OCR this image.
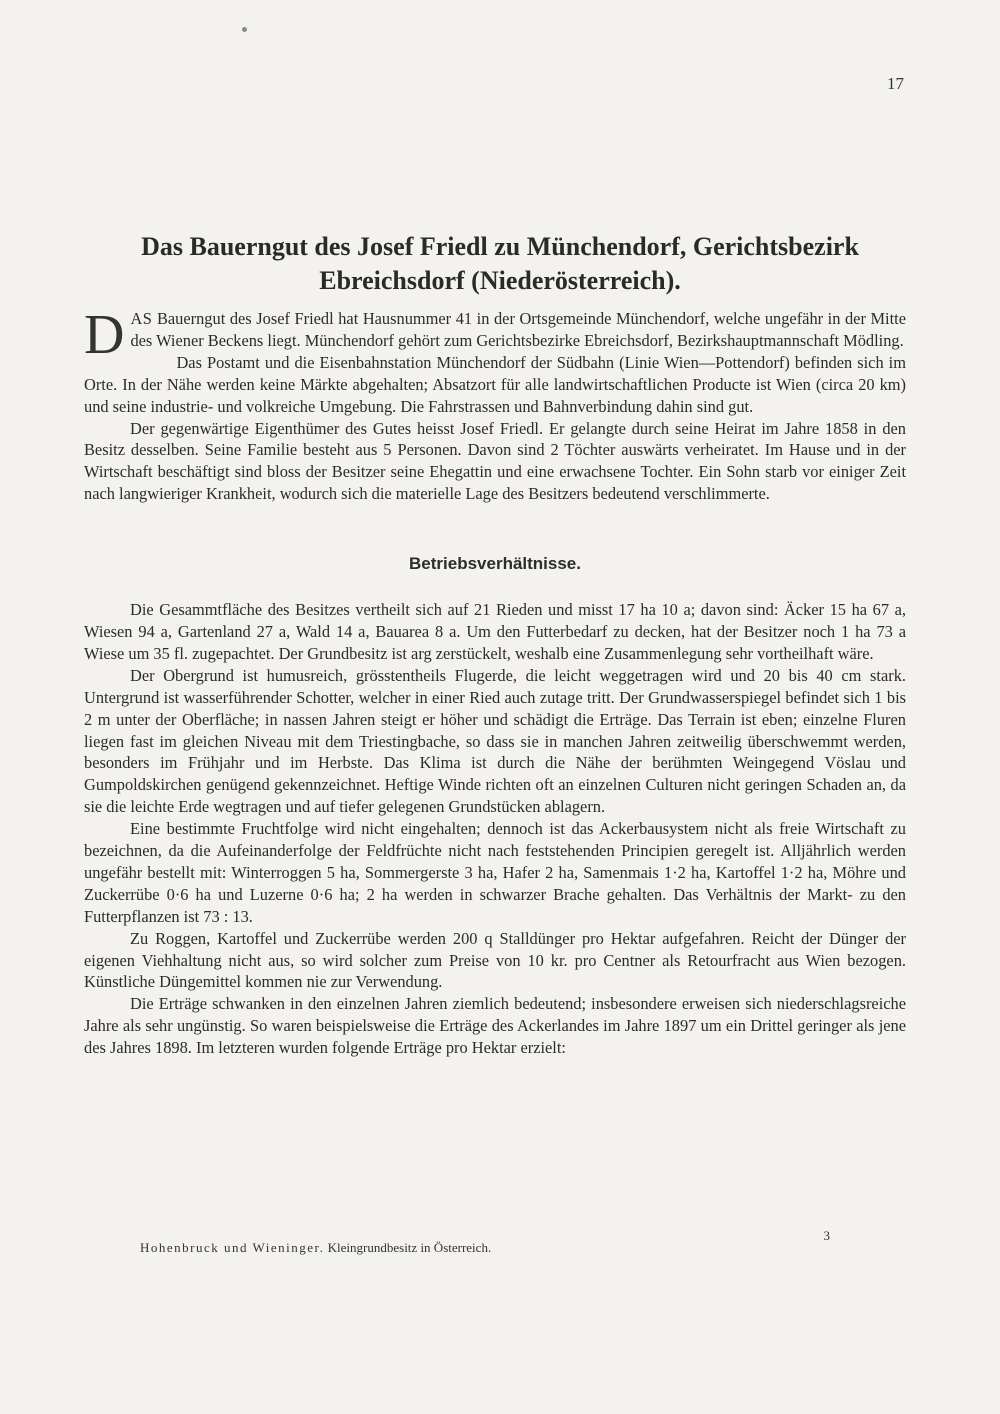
17
Das Bauerngut des Josef Friedl zu Münchendorf, Gerichtsbezirk Ebreichsdorf (Niederösterreich).

DAS Bauerngut des Josef Friedl hat Hausnummer 41 in der Ortsgemeinde Münchendorf, welche ungefähr in der Mitte des Wiener Beckens liegt. Münchendorf gehört zum Gerichtsbezirke Ebreichsdorf, Bezirkshauptmannschaft Mödling.

Das Postamt und die Eisenbahnstation Münchendorf der Südbahn (Linie Wien—Pottendorf) befinden sich im Orte. In der Nähe werden keine Märkte abgehalten; Absatzort für alle landwirtschaftlichen Producte ist Wien (circa 20 km) und seine industrie- und volkreiche Umgebung. Die Fahrstrassen und Bahnverbindung dahin sind gut.

Der gegenwärtige Eigenthümer des Gutes heisst Josef Friedl. Er gelangte durch seine Heirat im Jahre 1858 in den Besitz desselben. Seine Familie besteht aus 5 Personen. Davon sind 2 Töchter auswärts verheiratet. Im Hause und in der Wirtschaft beschäftigt sind bloss der Besitzer seine Ehegattin und eine erwachsene Tochter. Ein Sohn starb vor einiger Zeit nach langwieriger Krankheit, wodurch sich die materielle Lage des Besitzers bedeutend verschlimmerte.

Betriebsverhältnisse.

Die Gesammtfläche des Besitzes vertheilt sich auf 21 Rieden und misst 17 ha 10 a; davon sind: Äcker 15 ha 67 a, Wiesen 94 a, Gartenland 27 a, Wald 14 a, Bauarea 8 a. Um den Futterbedarf zu decken, hat der Besitzer noch 1 ha 73 a Wiese um 35 fl. zugepachtet. Der Grundbesitz ist arg zerstückelt, weshalb eine Zusammenlegung sehr vortheilhaft wäre.

Der Obergrund ist humusreich, grösstentheils Flugerde, die leicht weggetragen wird und 20 bis 40 cm stark. Untergrund ist wasserführender Schotter, welcher in einer Ried auch zutage tritt. Der Grundwasserspiegel befindet sich 1 bis 2 m unter der Oberfläche; in nassen Jahren steigt er höher und schädigt die Erträge. Das Terrain ist eben; einzelne Fluren liegen fast im gleichen Niveau mit dem Triestingbache, so dass sie in manchen Jahren zeitweilig überschwemmt werden, besonders im Frühjahr und im Herbste. Das Klima ist durch die Nähe der berühmten Weingegend Vöslau und Gumpoldskirchen genügend gekennzeichnet. Heftige Winde richten oft an einzelnen Culturen nicht geringen Schaden an, da sie die leichte Erde wegtragen und auf tiefer gelegenen Grundstücken ablagern.

Eine bestimmte Fruchtfolge wird nicht eingehalten; dennoch ist das Ackerbausystem nicht als freie Wirtschaft zu bezeichnen, da die Aufeinanderfolge der Feldfrüchte nicht nach feststehenden Principien geregelt ist. Alljährlich werden ungefähr bestellt mit: Winterroggen 5 ha, Sommergerste 3 ha, Hafer 2 ha, Samenmais 1·2 ha, Kartoffel 1·2 ha, Möhre und Zuckerrübe 0·6 ha und Luzerne 0·6 ha; 2 ha werden in schwarzer Brache gehalten. Das Verhältnis der Markt- zu den Futterpflanzen ist 73 : 13.

Zu Roggen, Kartoffel und Zuckerrübe werden 200 q Stalldünger pro Hektar aufgefahren. Reicht der Dünger der eigenen Viehhaltung nicht aus, so wird solcher zum Preise von 10 kr. pro Centner als Retourfracht aus Wien bezogen. Künstliche Düngemittel kommen nie zur Verwendung.

Die Erträge schwanken in den einzelnen Jahren ziemlich bedeutend; insbesondere erweisen sich niederschlagsreiche Jahre als sehr ungünstig. So waren beispielsweise die Erträge des Ackerlandes im Jahre 1897 um ein Drittel geringer als jene des Jahres 1898. Im letzteren wurden folgende Erträge pro Hektar erzielt:

Hohenbruck und Wieninger. Kleingrundbesitz in Österreich.
3
